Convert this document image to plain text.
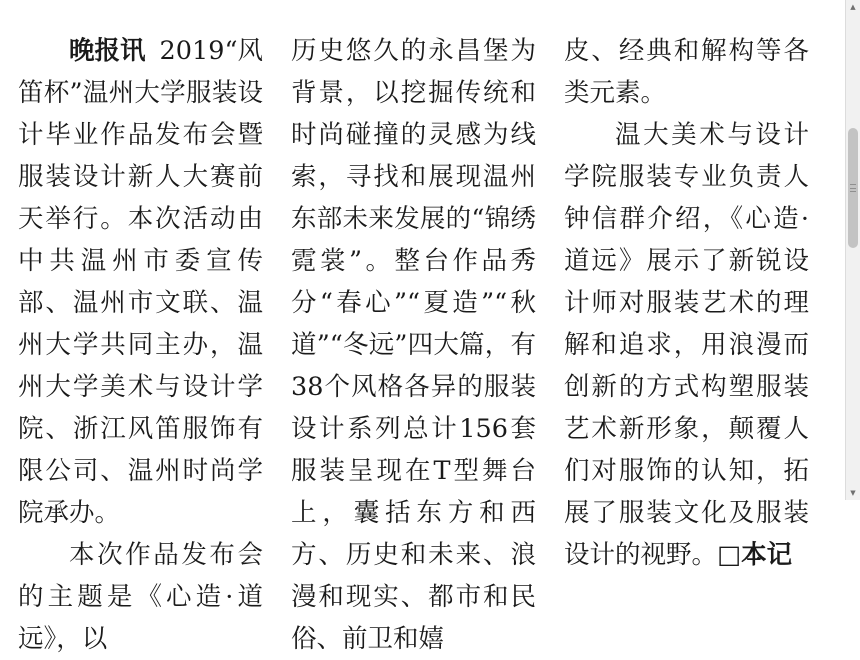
晚报讯 2019“风笛杯”温州大学服装设计毕业作品发布会暨服装设计新人大赛前天举行。本次活动由中共温州市委宣传部、温州市文联、温州大学共同主办，温州大学美术与设计学院、浙江风笛服饰有限公司、温州时尚学院承办。

本次作品发布会的主题是《心造·道远》，以

历史悠久的永昌堡为背景，以挖掘传统和时尚碰撞的灵感为线索，寻找和展现温州东部未来发展的“锦绣霓裳”。整台作品秀分“春心”“夏造”“秋道”“冬远”四大篇，有38个风格各异的服装设计系列总计156套服装呈现在T型舞台上，囊括东方和西方、历史和未来、浪漫和现实、都市和民俗、前卫和嬉

皮、经典和解构等各类元素。

温大美术与设计学院服装专业负责人钟信群介绍，《心造·道远》展示了新锐设计师对服装艺术的理解和追求，用浪漫而创新的方式构塑服装艺术新形象，颠覆人们对服饰的认知，拓展了服装文化及服装设计的视野。□本记

▲
▼
